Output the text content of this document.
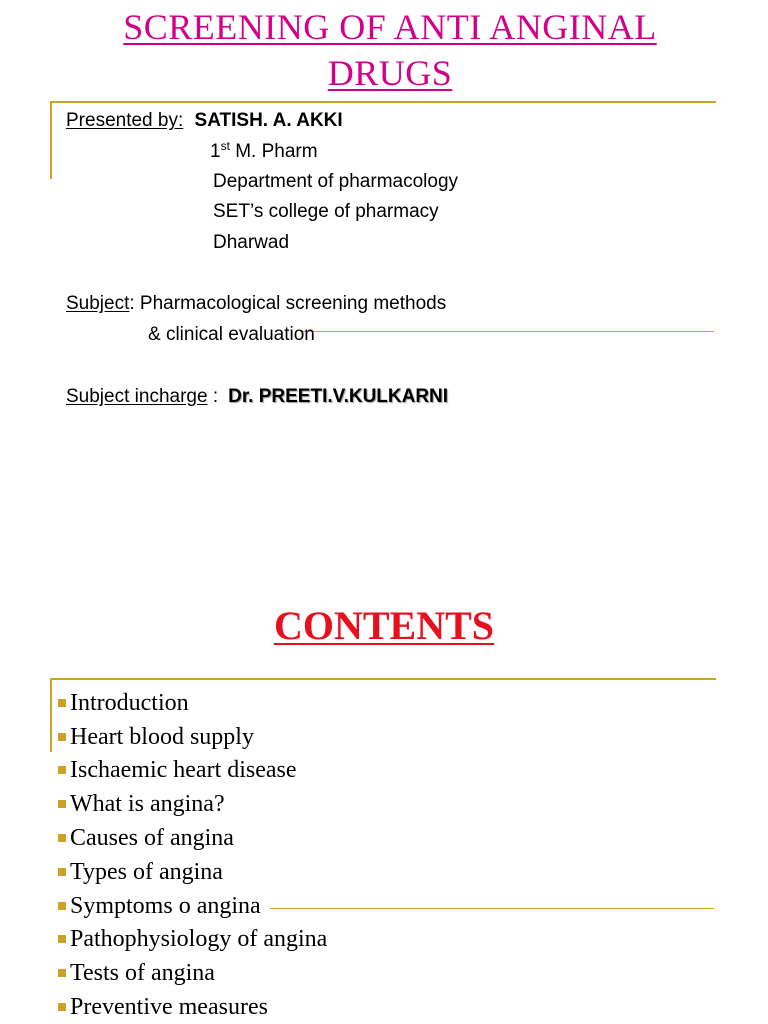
SCREENING OF ANTI ANGINAL DRUGS
Presented by: SATISH. A. AKKI
1st M. Pharm
Department of pharmacology
SET’s college of pharmacy
Dharwad
Subject: Pharmacological screening methods
& clinical evaluation
Subject incharge : Dr. PREETI.V.KULKARNI
CONTENTS
Introduction
Heart blood supply
Ischaemic heart disease
What is angina?
Causes of angina
Types of angina
Symptoms o angina
Pathophysiology of angina
Tests of angina
Preventive measures
